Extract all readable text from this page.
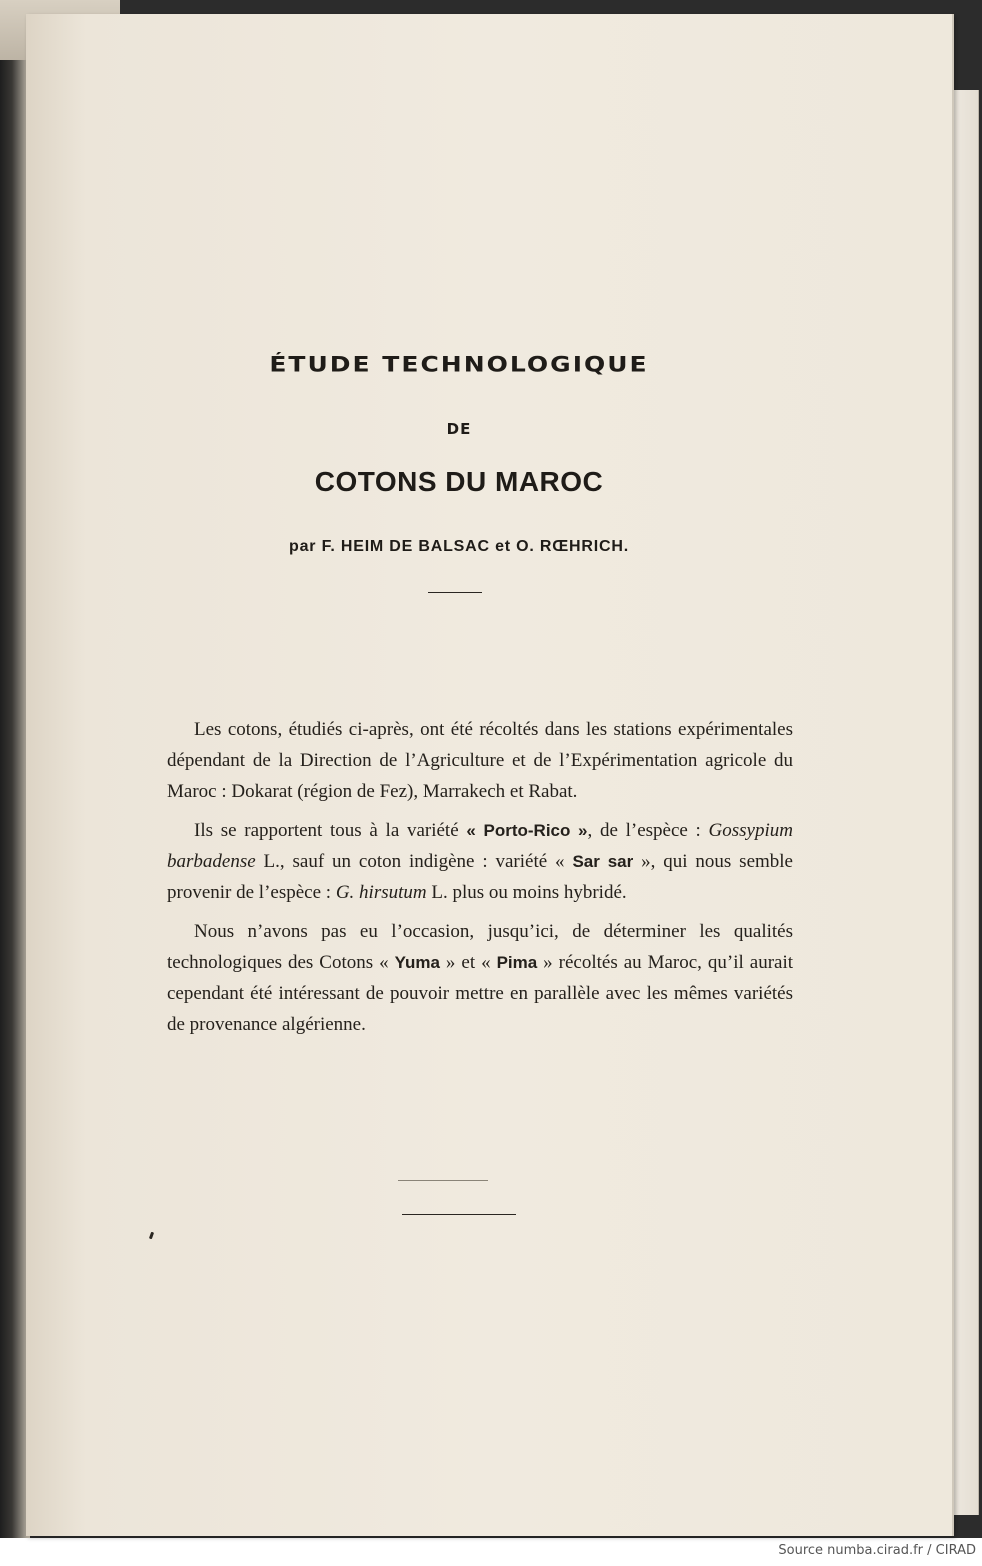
ÉTUDE TECHNOLOGIQUE
DE
COTONS DU MAROC
par F. HEIM DE BALSAC et O. RŒHRICH.

Les cotons, étudiés ci-après, ont été récoltés dans les stations expérimentales dépendant de la Direction de l’Agriculture et de l’Expérimentation agricole du Maroc : Dokarat (région de Fez), Marrakech et Rabat.

Ils se rapportent tous à la variété « Porto-Rico », de l’espèce : Gossypium barbadense L., sauf un coton indigène : variété « Sar sar », qui nous semble provenir de l’espèce : G. hirsutum L. plus ou moins hybridé.

Nous n’avons pas eu l’occasion, jusqu’ici, de déterminer les qualités technologiques des Cotons « Yuma » et « Pima » récoltés au Maroc, qu’il aurait cependant été intéressant de pouvoir mettre en parallèle avec les mêmes variétés de provenance algérienne.

Source numba.cirad.fr / CIRAD
